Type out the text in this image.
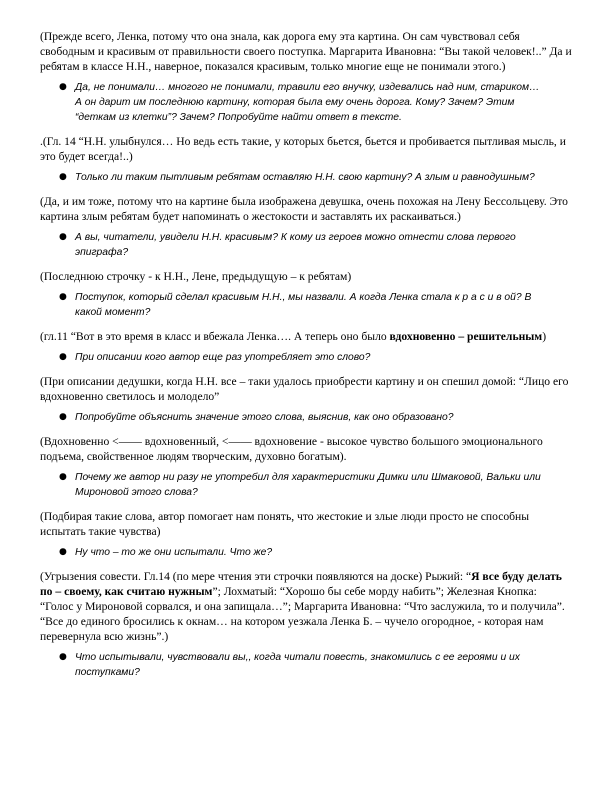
(Прежде всего, Ленка, потому что она знала, как дорога ему эта картина. Он сам чувствовал себя свободным и красивым от правильности своего поступка. Маргарита Ивановна: “Вы такой человек!..” Да и ребятам в классе Н.Н., наверное, показался красивым, только многие еще не понимали этого.)

● Да, не понимали… многого не понимали, травили его внучку, издевались над ним, стариком… А он дарит им последнюю картину, которая была ему очень дорога. Кому? Зачем? Этим “деткам из клетки”? Зачем? Попробуйте найти ответ в тексте.

.(Гл. 14 “Н.Н. улыбнулся… Но ведь есть такие, у которых бьется, бьется и пробивается пытливая мысль, и это будет всегда!..)

● Только ли таким пытливым ребятам оставляю Н.Н. свою картину? А злым и равнодушным?

(Да, и им тоже, потому что на картине была изображена девушка, очень похожая на Лену Бессольцеву. Это картина злым ребятам будет напоминать о жестокости и заставлять их раскаиваться.)

● А вы, читатели, увидели Н.Н. красивым? К кому из героев можно отнести слова первого эпиграфа?

(Последнюю строчку - к Н.Н., Лене, предыдущую – к ребятам)

● Поступок, который сделал красивым Н.Н., мы назвали. А когда Ленка стала к р а с и в ой? В какой момент?

(гл.11 “Вот в это время в класс и вбежала Ленка…. А теперь оно было вдохновенно – решительным)

● При описании кого автор еще раз употребляет это слово?

(При описании дедушки, когда Н.Н. все – таки удалось приобрести картину и он спешил домой: “Лицо его вдохновенно светилось и молодело”

● Попробуйте объяснить значение этого слова, выяснив, как оно образовано?

(Вдохновенно <—— вдохновенный, <—— вдохновение - высокое чувство большого эмоционального подъема, свойственное людям творческим, духовно богатым).

● Почему же автор ни разу не употребил для характеристики Димки или Шмаковой, Вальки или Мироновой этого слова?

(Подбирая такие слова, автор помогает нам понять, что жестокие и злые люди просто не способны испытать такие чувства)

● Ну что – то же они испытали. Что же?

(Угрызения совести. Гл.14 (по мере чтения эти строчки появляются на доске) Рыжий: “Я все буду делать по – своему, как считаю нужным”; Лохматый: “Хорошо бы себе морду набить”; Железная Кнопка: “Голос у Мироновой сорвался, и она запищала…”; Маргарита Ивановна: “Что заслужила, то и получила”. “Все до единого бросились к окнам… на котором уезжала Ленка Б. – чучело огородное, - которая нам перевернула всю жизнь”.)

● Что испытывали, чувствовали вы,, когда читали повесть, знакомились с ее героями и их поступками?
